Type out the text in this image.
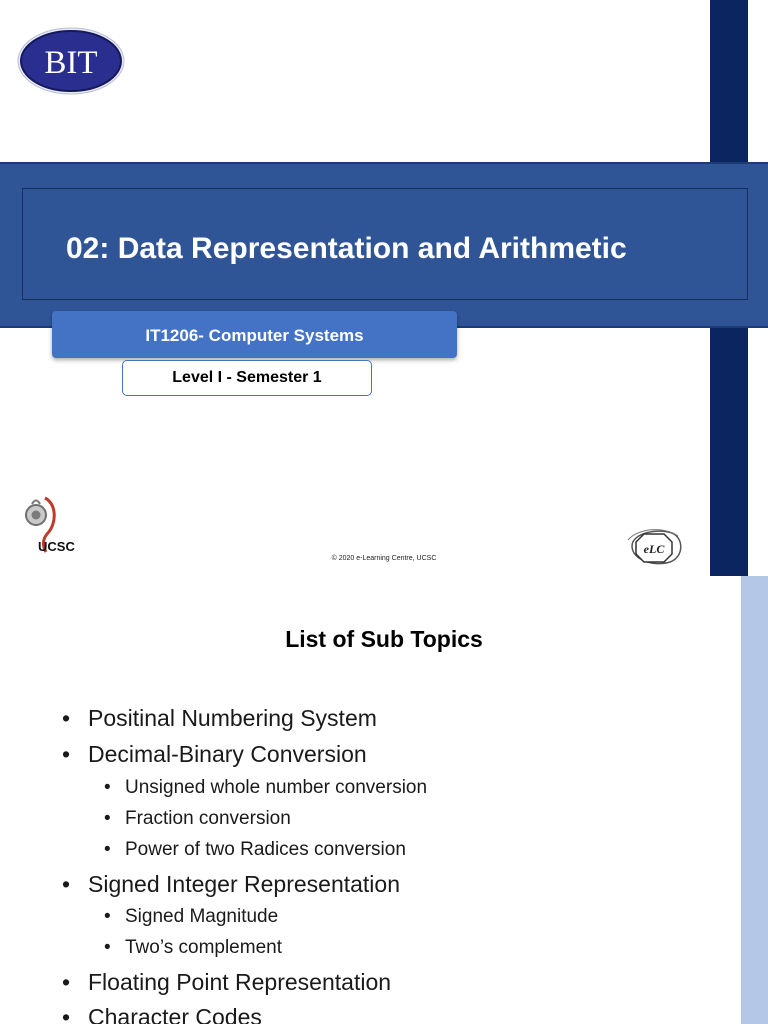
BIT
02: Data Representation and Arithmetic
IT1206- Computer Systems
Level I - Semester 1
UCSC
© 2020 e-Learning Centre, UCSC
eLC
List of Sub Topics
• Positinal Numbering System
• Decimal-Binary Conversion
• Unsigned whole number conversion
• Fraction conversion
• Power of two Radices conversion
• Signed Integer Representation
• Signed Magnitude
• Two’s complement
• Floating Point Representation
• Character Codes
